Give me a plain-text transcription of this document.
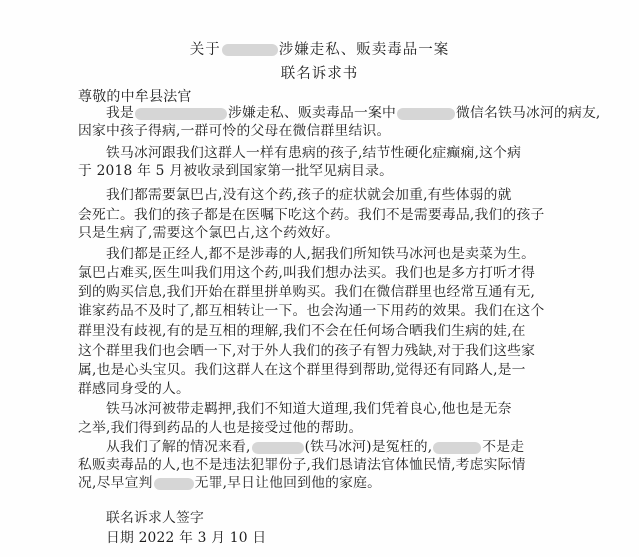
关于	涉嫌走私、贩卖毒品一案
联名诉求书
尊敬的中牟县法官
我是	涉嫌走私、贩卖毒品一案中	微信名铁马冰河的病友,
因家中孩子得病,一群可怜的父母在微信群里结识。
铁马冰河跟我们这群人一样有患病的孩子,结节性硬化症癫痫,这个病
于 2018 年 5 月被收录到国家第一批罕见病目录。
我们都需要氯巴占,没有这个药,孩子的症状就会加重,有些体弱的就
会死亡。我们的孩子都是在医嘱下吃这个药。我们不是需要毒品,我们的孩子
只是生病了,需要这个氯巴占,这个药效好。
我们都是正经人,都不是涉毒的人,据我们所知铁马冰河也是卖菜为生。
氯巴占难买,医生叫我们用这个药,叫我们想办法买。我们也是多方打听才得
到的购买信息,我们开始在群里拼单购买。我们在微信群里也经常互通有无,
谁家药品不及时了,都互相转让一下。也会沟通一下用药的效果。我们在这个
群里没有歧视,有的是互相的理解,我们不会在任何场合晒我们生病的娃,在
这个群里我们也会晒一下,对于外人我们的孩子有智力残缺,对于我们这些家
属,也是心头宝贝。我们这群人在这个群里得到帮助,觉得还有同路人,是一
群感同身受的人。
铁马冰河被带走羁押,我们不知道大道理,我们凭着良心,他也是无奈
之举,我们得到药品的人也是接受过他的帮助。
从我们了解的情况来看,	(铁马冰河)是冤枉的,	不是走
私贩卖毒品的人,也不是违法犯罪份子,我们恳请法官体恤民情,考虑实际情
况,尽早宣判	无罪,早日让他回到他的家庭。
联名诉求人签字
日期 2022 年 3 月 10 日
